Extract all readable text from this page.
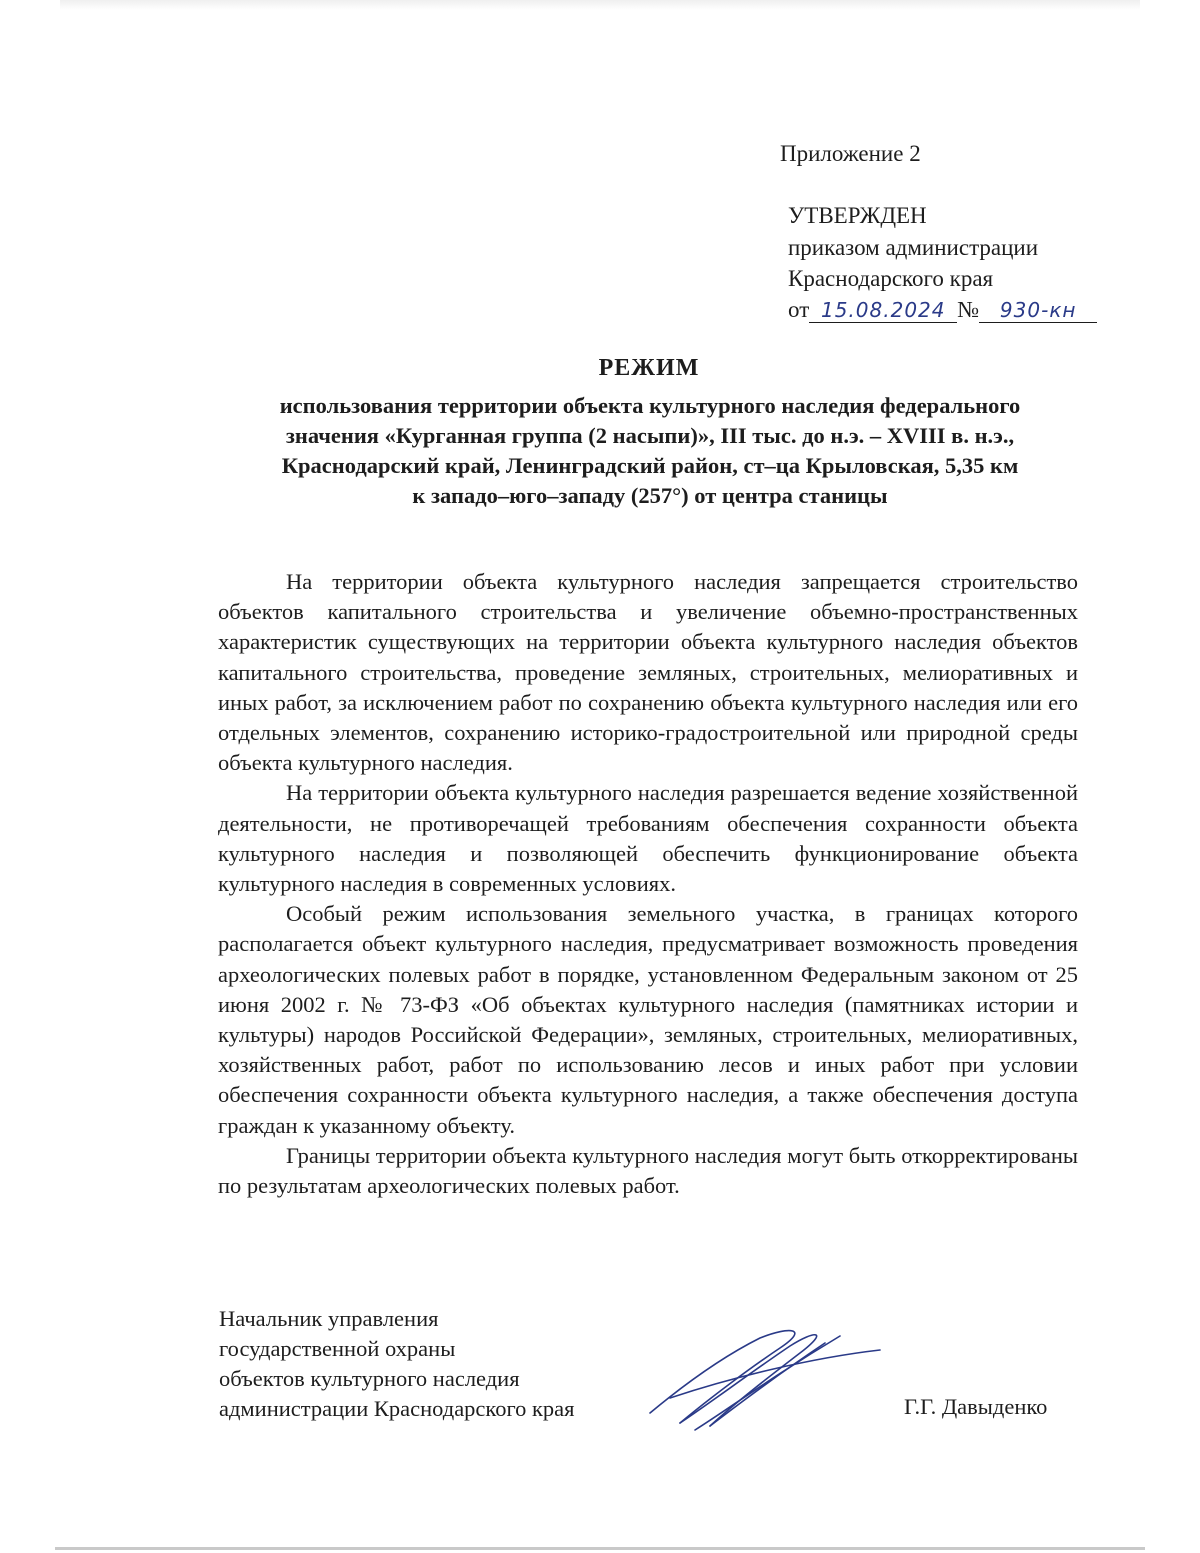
Приложение 2
УТВЕРЖДЕН
приказом администрации
Краснодарского края
от 15.08.2024 № 930-кн
РЕЖИМ
использования территории объекта культурного наследия федерального
значения «Курганная группа (2 насыпи)», III тыс. до н.э. – XVIII в. н.э.,
Краснодарский край, Ленинградский район, ст–ца Крыловская, 5,35 км
к западо–юго–западу (257°) от центра станицы

На территории объекта культурного наследия запрещается строительство объектов капитального строительства и увеличение объемно-пространственных характеристик существующих на территории объекта культурного наследия объектов капитального строительства, проведение земляных, строительных, мелиоративных и иных работ, за исключением работ по сохранению объекта культурного наследия или его отдельных элементов, сохранению историко-градостроительной или природной среды объекта культурного наследия.

На территории объекта культурного наследия разрешается ведение хозяйственной деятельности, не противоречащей требованиям обеспечения сохранности объекта культурного наследия и позволяющей обеспечить функционирование объекта культурного наследия в современных условиях.

Особый режим использования земельного участка, в границах которого располагается объект культурного наследия, предусматривает возможность проведения археологических полевых работ в порядке, установленном Федеральным законом от 25 июня 2002 г. № 73-ФЗ «Об объектах культурного наследия (памятниках истории и культуры) народов Российской Федерации», земляных, строительных, мелиоративных, хозяйственных работ, работ по использованию лесов и иных работ при условии обеспечения сохранности объекта культурного наследия, а также обеспечения доступа граждан к указанному объекту.

Границы территории объекта культурного наследия могут быть откорректированы по результатам археологических полевых работ.

Начальник управления
государственной охраны
объектов культурного наследия
администрации Краснодарского края	Г.Г. Давыденко
